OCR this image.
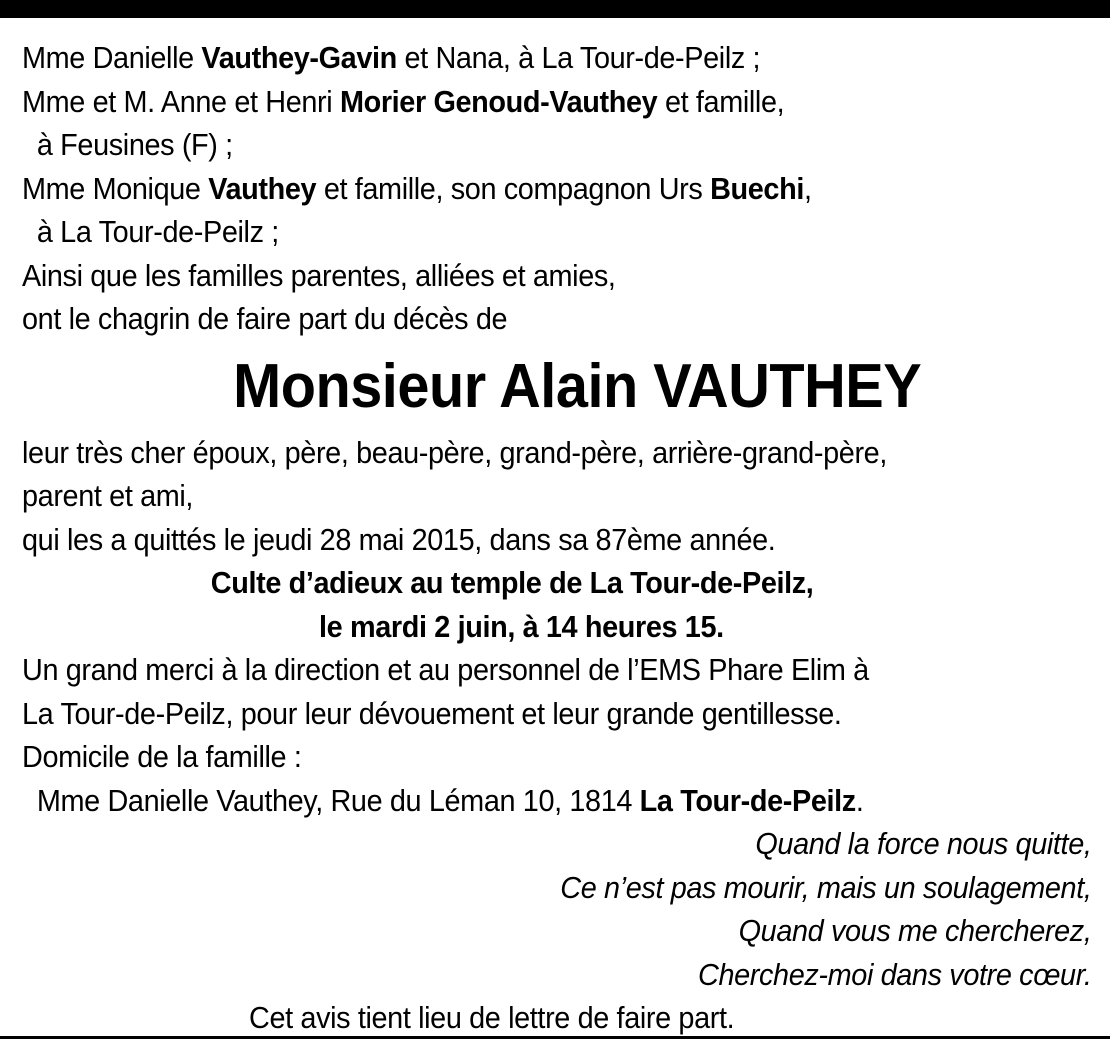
Mme Danielle Vauthey-Gavin et Nana, à La Tour-de-Peilz ;
Mme et M. Anne et Henri Morier Genoud-Vauthey et famille,
à Feusines (F) ;
Mme Monique Vauthey et famille, son compagnon Urs Buechi,
à La Tour-de-Peilz ;
Ainsi que les familles parentes, alliées et amies,
ont le chagrin de faire part du décès de
Monsieur Alain VAUTHEY
leur très cher époux, père, beau-père, grand-père, arrière-grand-père,
parent et ami,
qui les a quittés le jeudi 28 mai 2015, dans sa 87ème année.
Culte d’adieux au temple de La Tour-de-Peilz,
le mardi 2 juin, à 14 heures 15.
Un grand merci à la direction et au personnel de l’EMS Phare Elim à
La Tour-de-Peilz, pour leur dévouement et leur grande gentillesse.
Domicile de la famille :
Mme Danielle Vauthey, Rue du Léman 10, 1814 La Tour-de-Peilz.
Quand la force nous quitte,
Ce n’est pas mourir, mais un soulagement,
Quand vous me chercherez,
Cherchez-moi dans votre cœur.
Cet avis tient lieu de lettre de faire part.
